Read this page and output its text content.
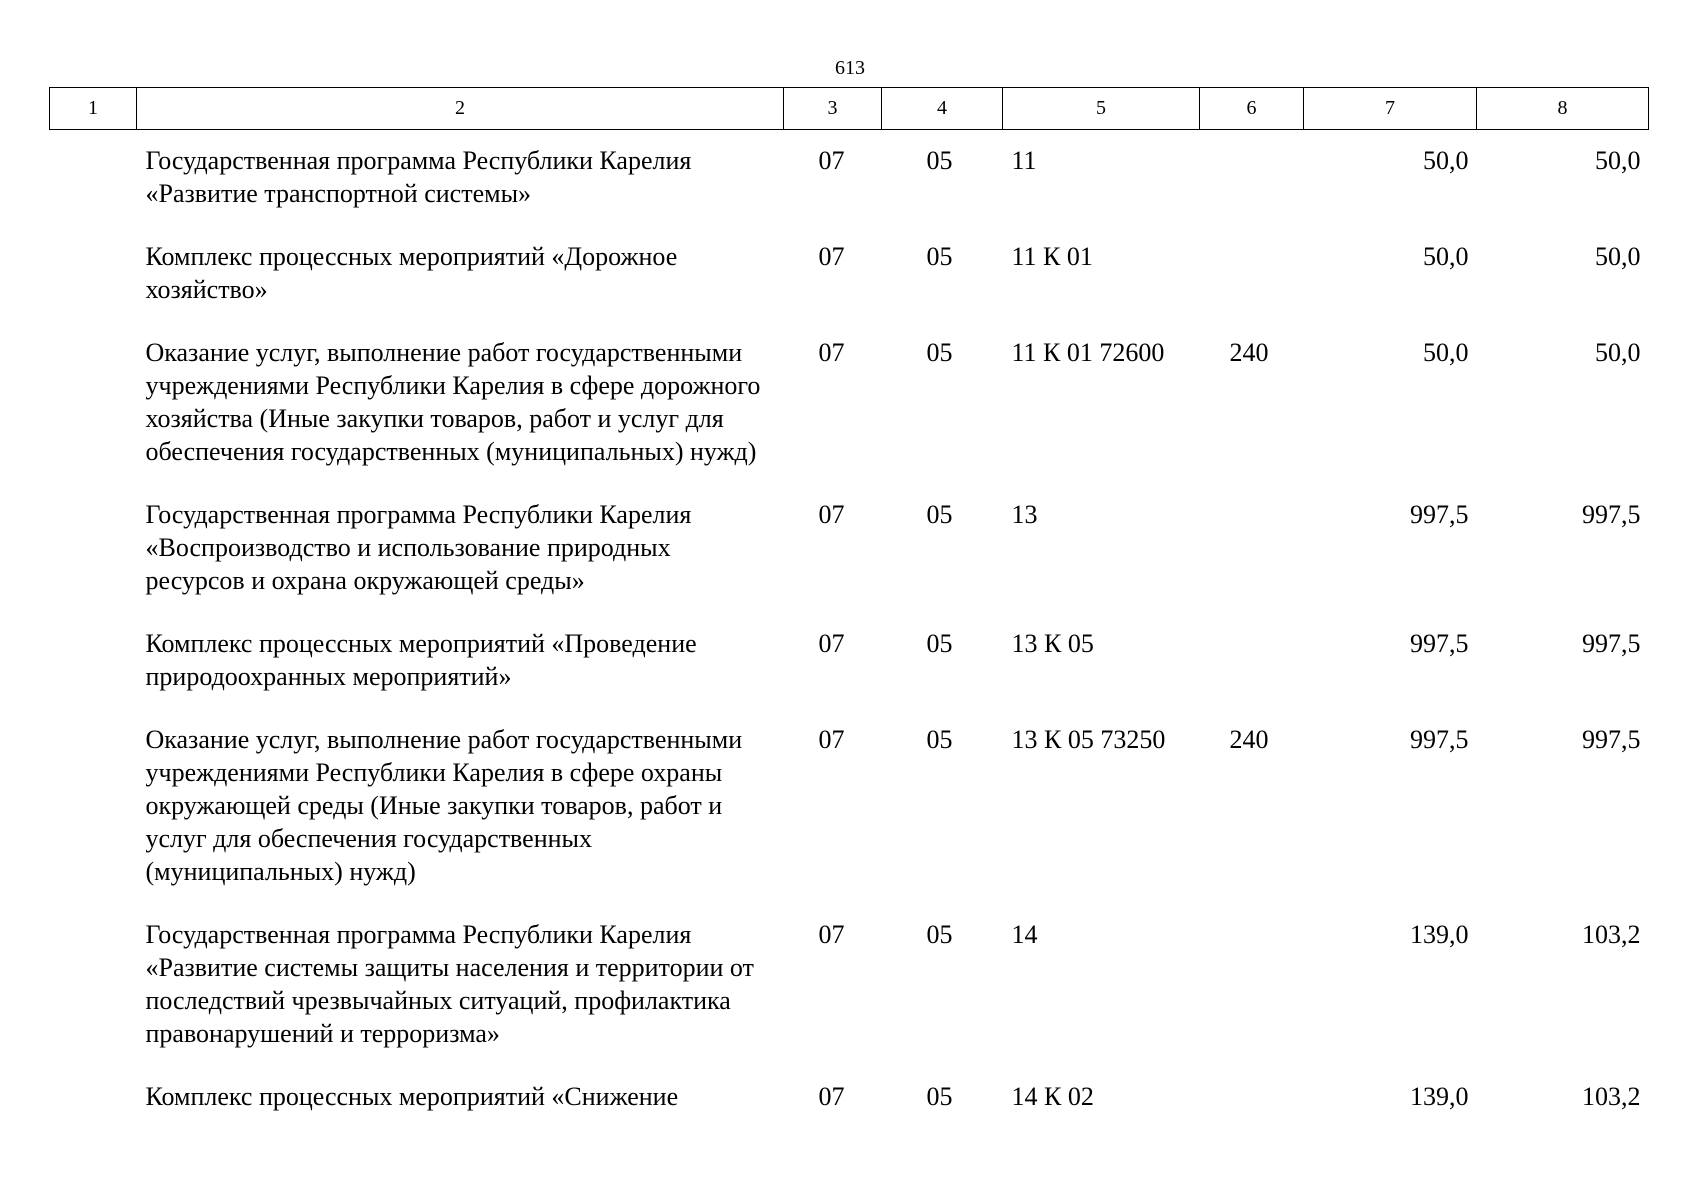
613
1	2	3	4	5	6	7	8
	Государственная программа Республики Карелия «Развитие транспортной системы»	07	05	11		50,0	50,0
	Комплекс процессных мероприятий «Дорожное хозяйство»	07	05	11 К 01		50,0	50,0
	Оказание услуг, выполнение работ государственными учреждениями Республики Карелия в сфере дорожного хозяйства (Иные закупки товаров, работ и услуг для обеспечения государственных (муниципальных) нужд)	07	05	11 К 01 72600	240	50,0	50,0
	Государственная программа Республики Карелия «Воспроизводство и использование природных ресурсов и охрана окружающей среды»	07	05	13		997,5	997,5
	Комплекс процессных мероприятий «Проведение природоохранных мероприятий»	07	05	13 К 05		997,5	997,5
	Оказание услуг, выполнение работ государственными учреждениями Республики Карелия в сфере охраны окружающей среды (Иные закупки товаров, работ и услуг для обеспечения государственных (муниципальных) нужд)	07	05	13 К 05 73250	240	997,5	997,5
	Государственная программа Республики Карелия «Развитие системы защиты населения и территории от последствий чрезвычайных ситуаций, профилактика правонарушений и терроризма»	07	05	14		139,0	103,2
	Комплекс процессных мероприятий «Снижение	07	05	14 К 02		139,0	103,2
